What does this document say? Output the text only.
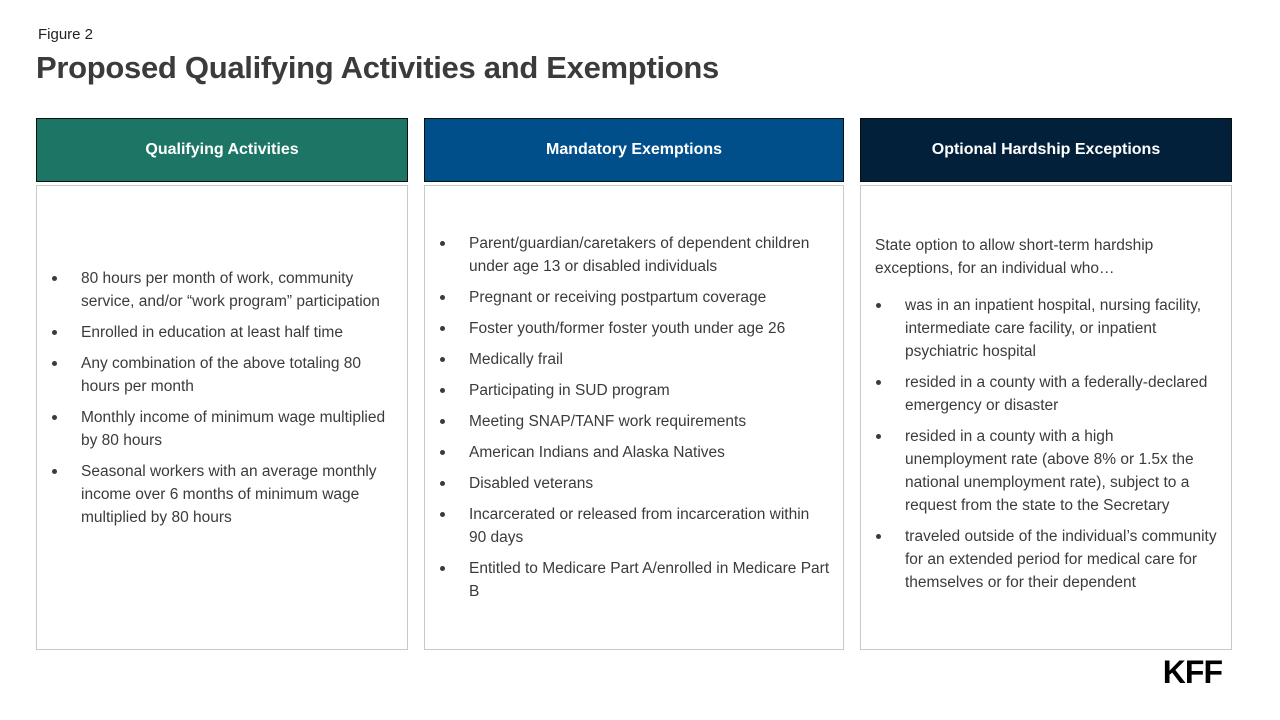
Figure 2
Proposed Qualifying Activities and Exemptions
Qualifying Activities
80 hours per month of work, community service, and/or “work program” participation
Enrolled in education at least half time
Any combination of the above totaling 80 hours per month
Monthly income of minimum wage multiplied by 80 hours
Seasonal workers with an average monthly income over 6 months of minimum wage multiplied by 80 hours
Mandatory Exemptions
Parent/guardian/caretakers of dependent children under age 13 or disabled individuals
Pregnant or receiving postpartum coverage
Foster youth/former foster youth under age 26
Medically frail
Participating in SUD program
Meeting SNAP/TANF work requirements
American Indians and Alaska Natives
Disabled veterans
Incarcerated or released from incarceration within 90 days
Entitled to Medicare Part A/enrolled in Medicare Part B
Optional Hardship Exceptions

State option to allow short-term hardship exceptions, for an individual who…

was in an inpatient hospital, nursing facility, intermediate care facility, or inpatient psychiatric hospital
resided in a county with a federally-declared emergency or disaster
resided in a county with a high unemployment rate (above 8% or 1.5x the national unemployment rate), subject to a request from the state to the Secretary
traveled outside of the individual’s community for an extended period for medical care for themselves or for their dependent
KFF
